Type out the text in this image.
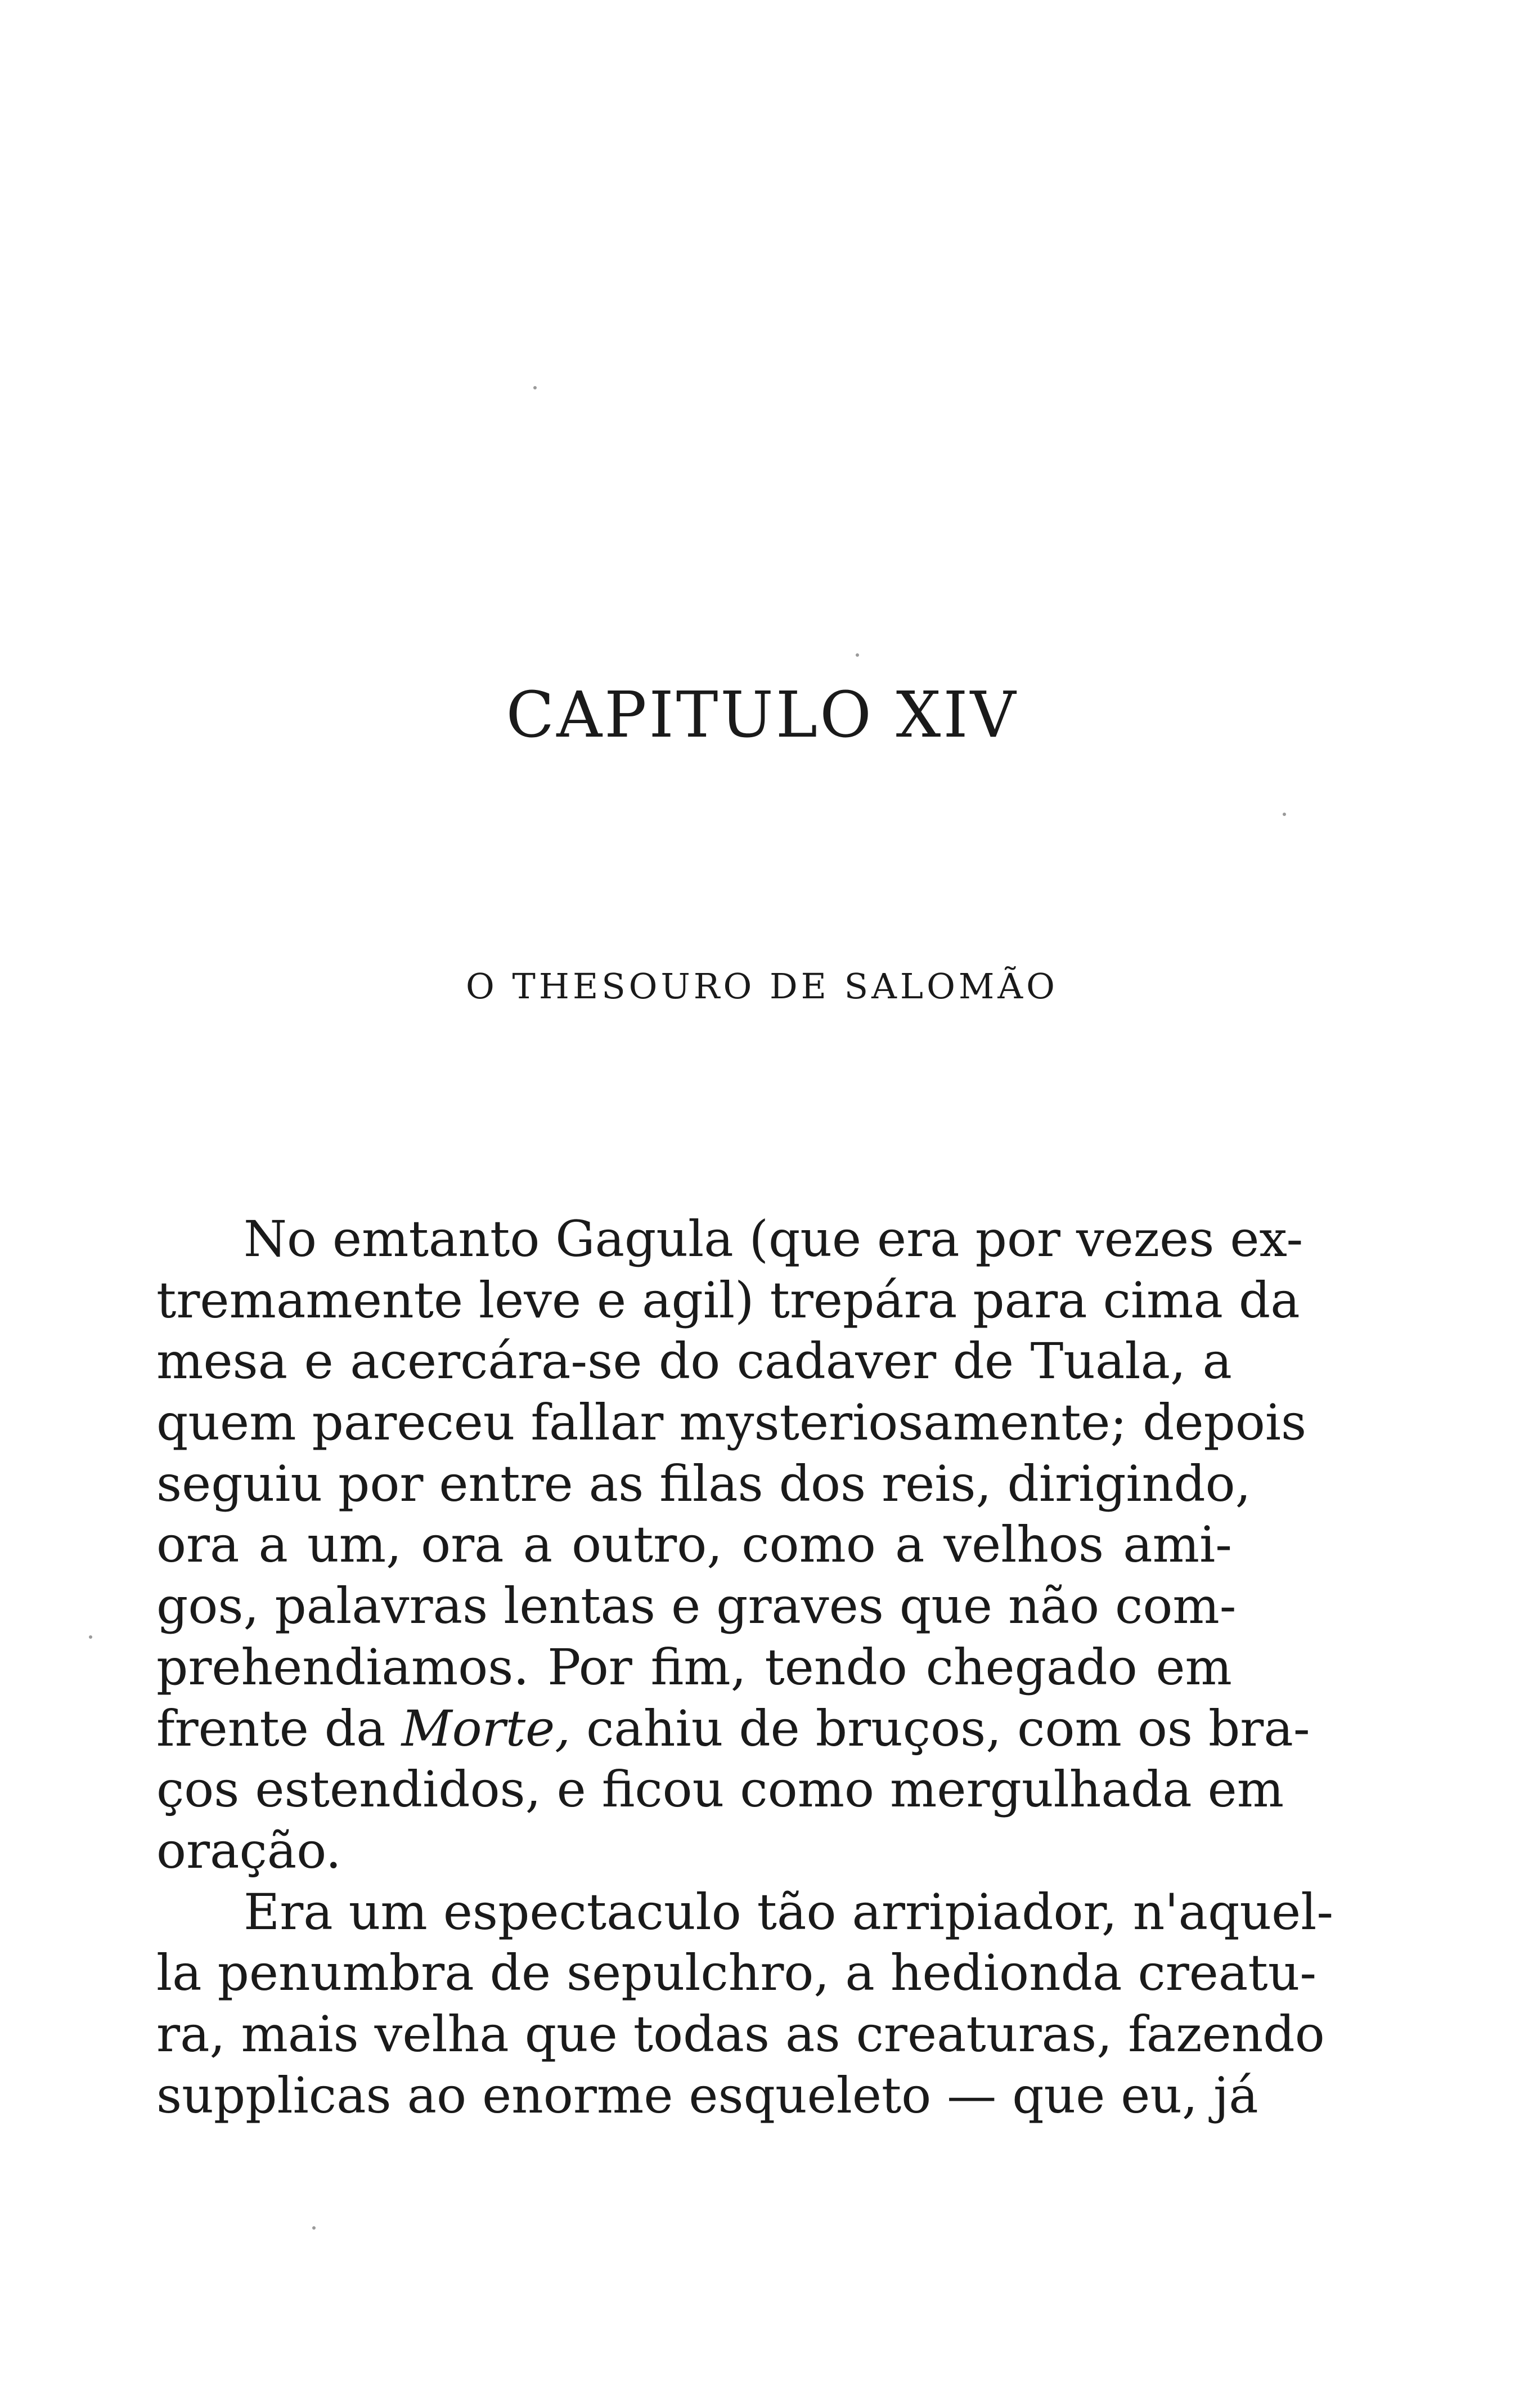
CAPITULO XIV
O THESOURO DE SALOMÃO
No emtanto Gagula (que era por vezes ex-
tremamente leve e agil) trepára para cima da
mesa e acercára-se do cadaver de Tuala, a
quem pareceu fallar mysteriosamente; depois
seguiu por entre as filas dos reis, dirigindo,
ora a um, ora a outro, como a velhos ami-
gos, palavras lentas e graves que não com-
prehendiamos. Por fim, tendo chegado em
frente da Morte, cahiu de bruços, com os bra-
ços estendidos, e ficou como mergulhada em
oração.
Era um espectaculo tão arripiador, n'aquel-
la penumbra de sepulchro, a hedionda creatu-
ra, mais velha que todas as creaturas, fazendo
supplicas ao enorme esqueleto — que eu, já
